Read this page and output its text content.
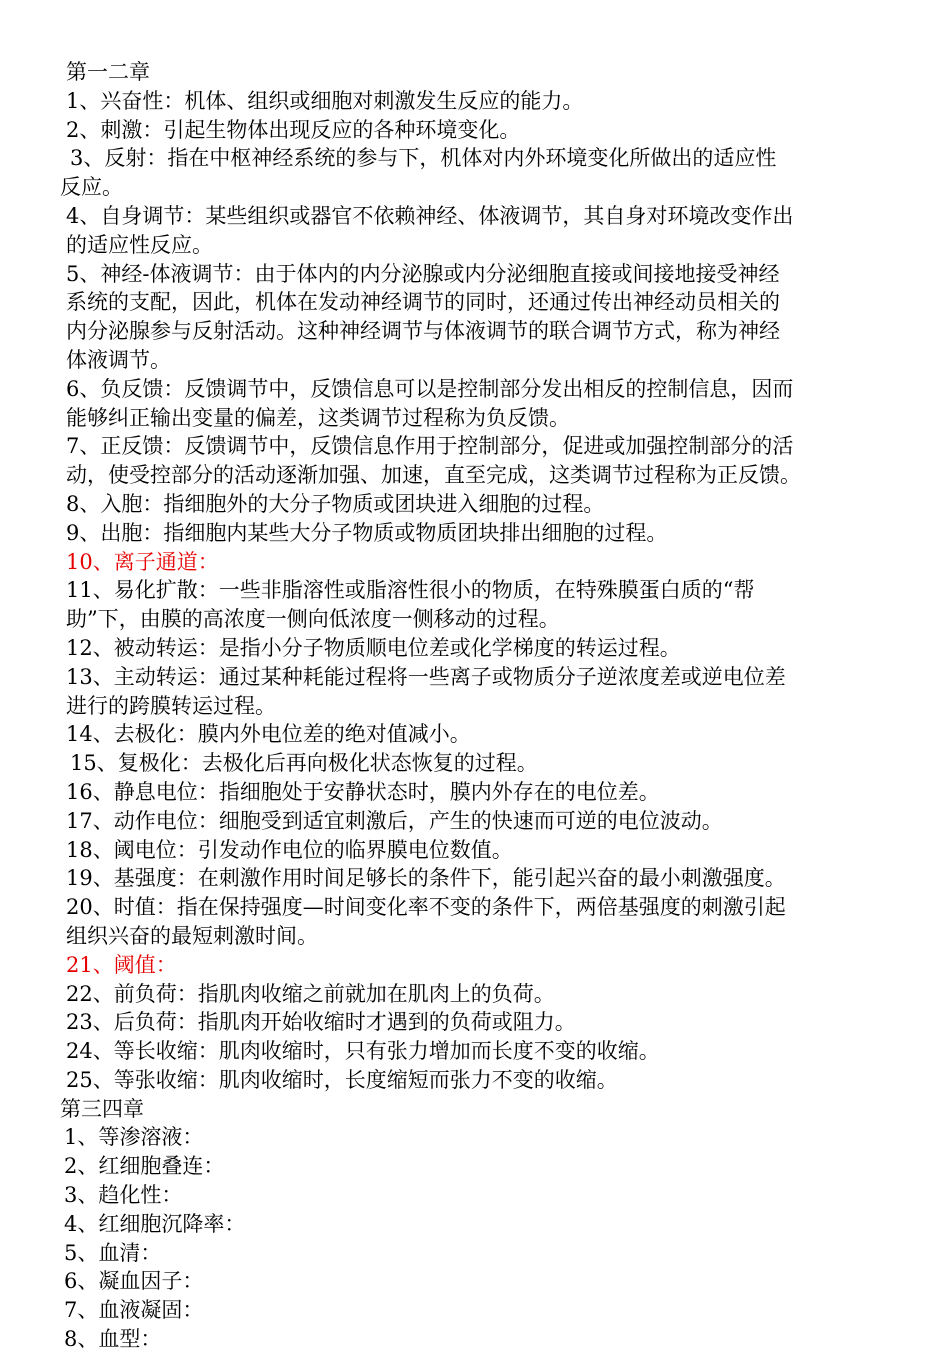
第一二章

1、兴奋性：机体、组织或细胞对刺激发生反应的能力。

2、刺激：引起生物体出现反应的各种环境变化。

3、反射：指在中枢神经系统的参与下，机体对内外环境变化所做出的适应性

反应。

4、自身调节：某些组织或器官不依赖神经、体液调节，其自身对环境改变作出

的适应性反应。

5、神经-体液调节：由于体内的内分泌腺或内分泌细胞直接或间接地接受神经

系统的支配，因此，机体在发动神经调节的同时，还通过传出神经动员相关的

内分泌腺参与反射活动。这种神经调节与体液调节的联合调节方式，称为神经

体液调节。

6、负反馈：反馈调节中，反馈信息可以是控制部分发出相反的控制信息，因而

能够纠正输出变量的偏差，这类调节过程称为负反馈。

7、正反馈：反馈调节中，反馈信息作用于控制部分，促进或加强控制部分的活

动，使受控部分的活动逐渐加强、加速，直至完成，这类调节过程称为正反馈。

8、入胞：指细胞外的大分子物质或团块进入细胞的过程。

9、出胞：指细胞内某些大分子物质或物质团块排出细胞的过程。

10、离子通道：

11、易化扩散：一些非脂溶性或脂溶性很小的物质，在特殊膜蛋白质的“帮

助”下，由膜的高浓度一侧向低浓度一侧移动的过程。

12、被动转运：是指小分子物质顺电位差或化学梯度的转运过程。

13、主动转运：通过某种耗能过程将一些离子或物质分子逆浓度差或逆电位差

进行的跨膜转运过程。

14、去极化：膜内外电位差的绝对值减小。

15、复极化：去极化后再向极化状态恢复的过程。

16、静息电位：指细胞处于安静状态时，膜内外存在的电位差。

17、动作电位：细胞受到适宜刺激后，产生的快速而可逆的电位波动。

18、阈电位：引发动作电位的临界膜电位数值。

19、基强度：在刺激作用时间足够长的条件下，能引起兴奋的最小刺激强度。

20、时值：指在保持强度—时间变化率不变的条件下，两倍基强度的刺激引起

组织兴奋的最短刺激时间。

21、阈值：

22、前负荷：指肌肉收缩之前就加在肌肉上的负荷。

23、后负荷：指肌肉开始收缩时才遇到的负荷或阻力。

24、等长收缩：肌肉收缩时，只有张力增加而长度不变的收缩。

25、等张收缩：肌肉收缩时，长度缩短而张力不变的收缩。

第三四章

1、等渗溶液：

2、红细胞叠连：

3、趋化性：

4、红细胞沉降率：

5、血清：

6、凝血因子：

7、血液凝固：

8、血型：
